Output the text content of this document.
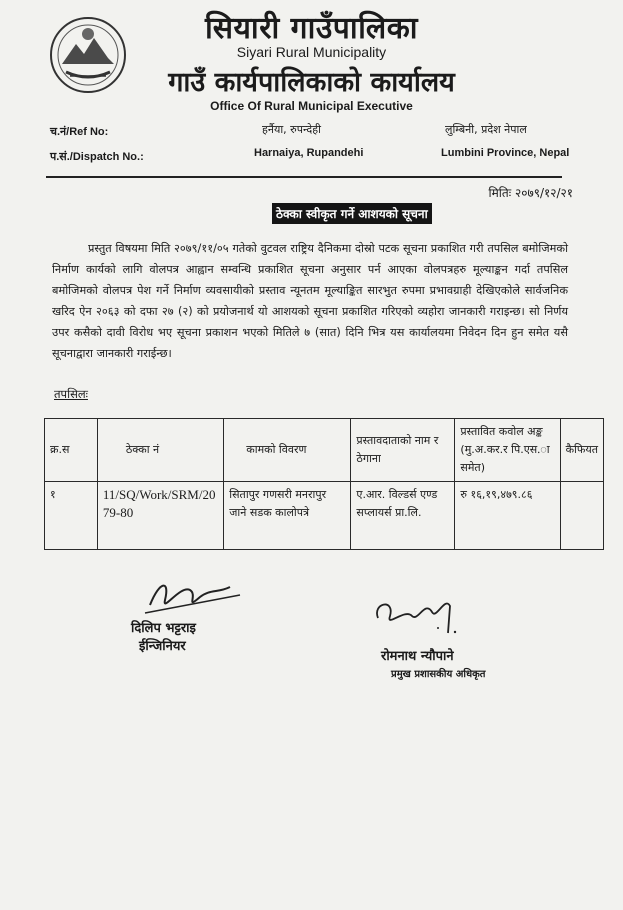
सियारी गाउँपालिका
Siyari Rural Municipality
गाउँ कार्यपालिकाको कार्यालय
Office Of Rural Municipal Executive
च.नं/Ref No:	हर्नैया, रुपन्देही	लुम्बिनी, प्रदेश नेपाल
प.सं./Dispatch No.:	Harnaiya, Rupandehi	Lumbini Province, Nepal
मितिः २०७९/१२/२१
ठेक्का स्वीकृत गर्ने आशयको सूचना

प्रस्तुत विषयमा मिति २०७९/११/०५ गतेको वुटवल राष्ट्रिय दैनिकमा दोस्रो पटक सूचना प्रकाशित गरी तपसिल बमोजिमको निर्माण कार्यको लागि वोलपत्र आह्वान सम्वन्धि प्रकाशित सूचना अनुसार पर्न आएका वोलपत्रहरु मूल्याङ्कन गर्दा तपसिल बमोजिमको वोलपत्र पेश गर्ने निर्माण व्यवसायीको प्रस्ताव न्यूनतम मूल्याङ्कित सारभुत रुपमा प्रभावग्राही देखिएकोले सार्वजनिक खरिद ऐन २०६३ को दफा २७ (२) को प्रयोजनार्थ यो आशयको सूचना प्रकाशित गरिएको व्यहोरा जानकारी गराइन्छ। सो निर्णय उपर कसैको दावी विरोध भए सूचना प्रकाशन भएको मितिले ७ (सात) दिनि भित्र यस कार्यालयमा निवेदन दिन हुन समेत यसै सूचनाद्वारा जानकारी गराईन्छ।

तपसिलः
क्र.स	ठेक्का नं	कामको विवरण	प्रस्तावदाताको नाम र ठेगाना	प्रस्तावित कवोल अङ्क (मु.अ.कर.र पि.एस.ा समेत)	कैफियत
१	11/SQ/Work/SRM/2079-80	सितापुर गणसरी मनरापुर जाने सडक कालोपत्रे	ए.आर. विल्डर्स एण्ड सप्लायर्स प्रा.लि.	रु १६,१९,४७९.८६	
दिलिप भट्टराइ
ईन्जिनियर
रोमनाथ न्यौपाने
प्रमुख प्रशासकीय अधिकृत
